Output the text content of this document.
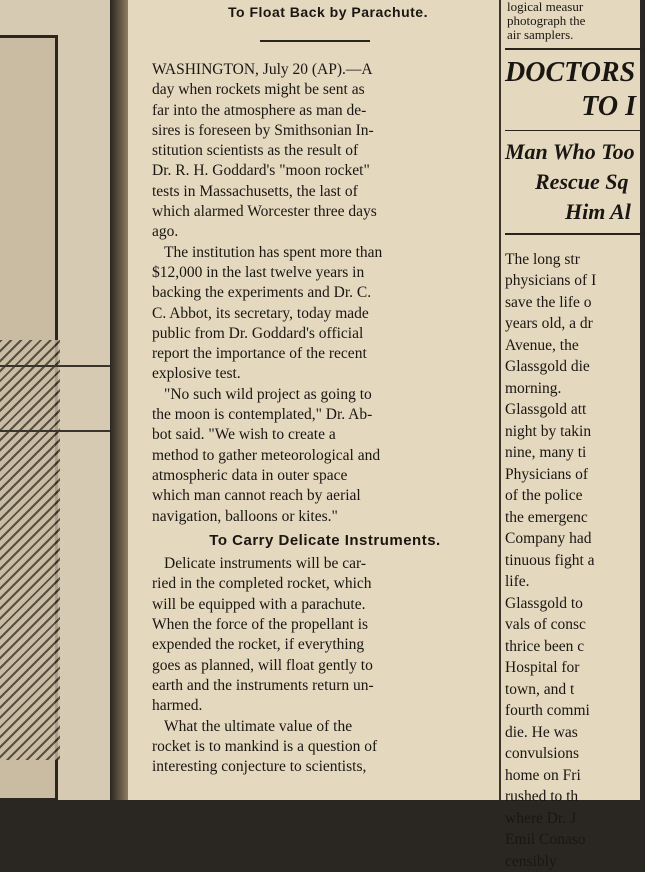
To Float Back by Parachute.

WASHINGTON, July 20 (AP).—A
day when rockets might be sent as
far into the atmosphere as man de-
sires is foreseen by Smithsonian In-
stitution scientists as the result of
Dr. R. H. Goddard's "moon rocket"
tests in Massachusetts, the last of
which alarmed Worcester three days
ago.

The institution has spent more than
$12,000 in the last twelve years in
backing the experiments and Dr. C.
C. Abbot, its secretary, today made
public from Dr. Goddard's official
report the importance of the recent
explosive test.

"No such wild project as going to
the moon is contemplated," Dr. Ab-
bot said. "We wish to create a
method to gather meteorological and
atmospheric data in outer space
which man cannot reach by aerial
navigation, balloons or kites."

To Carry Delicate Instruments.

Delicate instruments will be car-
ried in the completed rocket, which
will be equipped with a parachute.
When the force of the propellant is
expended the rocket, if everything
goes as planned, will float gently to
earth and the instruments return un-
harmed.

What the ultimate value of the
rocket is to mankind is a question of
interesting conjecture to scientists,

logical measur
photograph the
air samplers.
DOCTORS
TO I
Man Who Too
Rescue Sq
Him Al
The long str
physicians of I
save the life o
years old, a dr
Avenue, the
Glassgold die
morning.
Glassgold att
night by takin
nine, many ti
Physicians of
of the police
the emergenc
Company had
tinuous fight a
life.
Glassgold to
vals of consc
thrice been c
Hospital for
town, and t
fourth commi
die. He was
convulsions
home on Fri
rushed to th
where Dr. J
Emil Conaso
censibly
